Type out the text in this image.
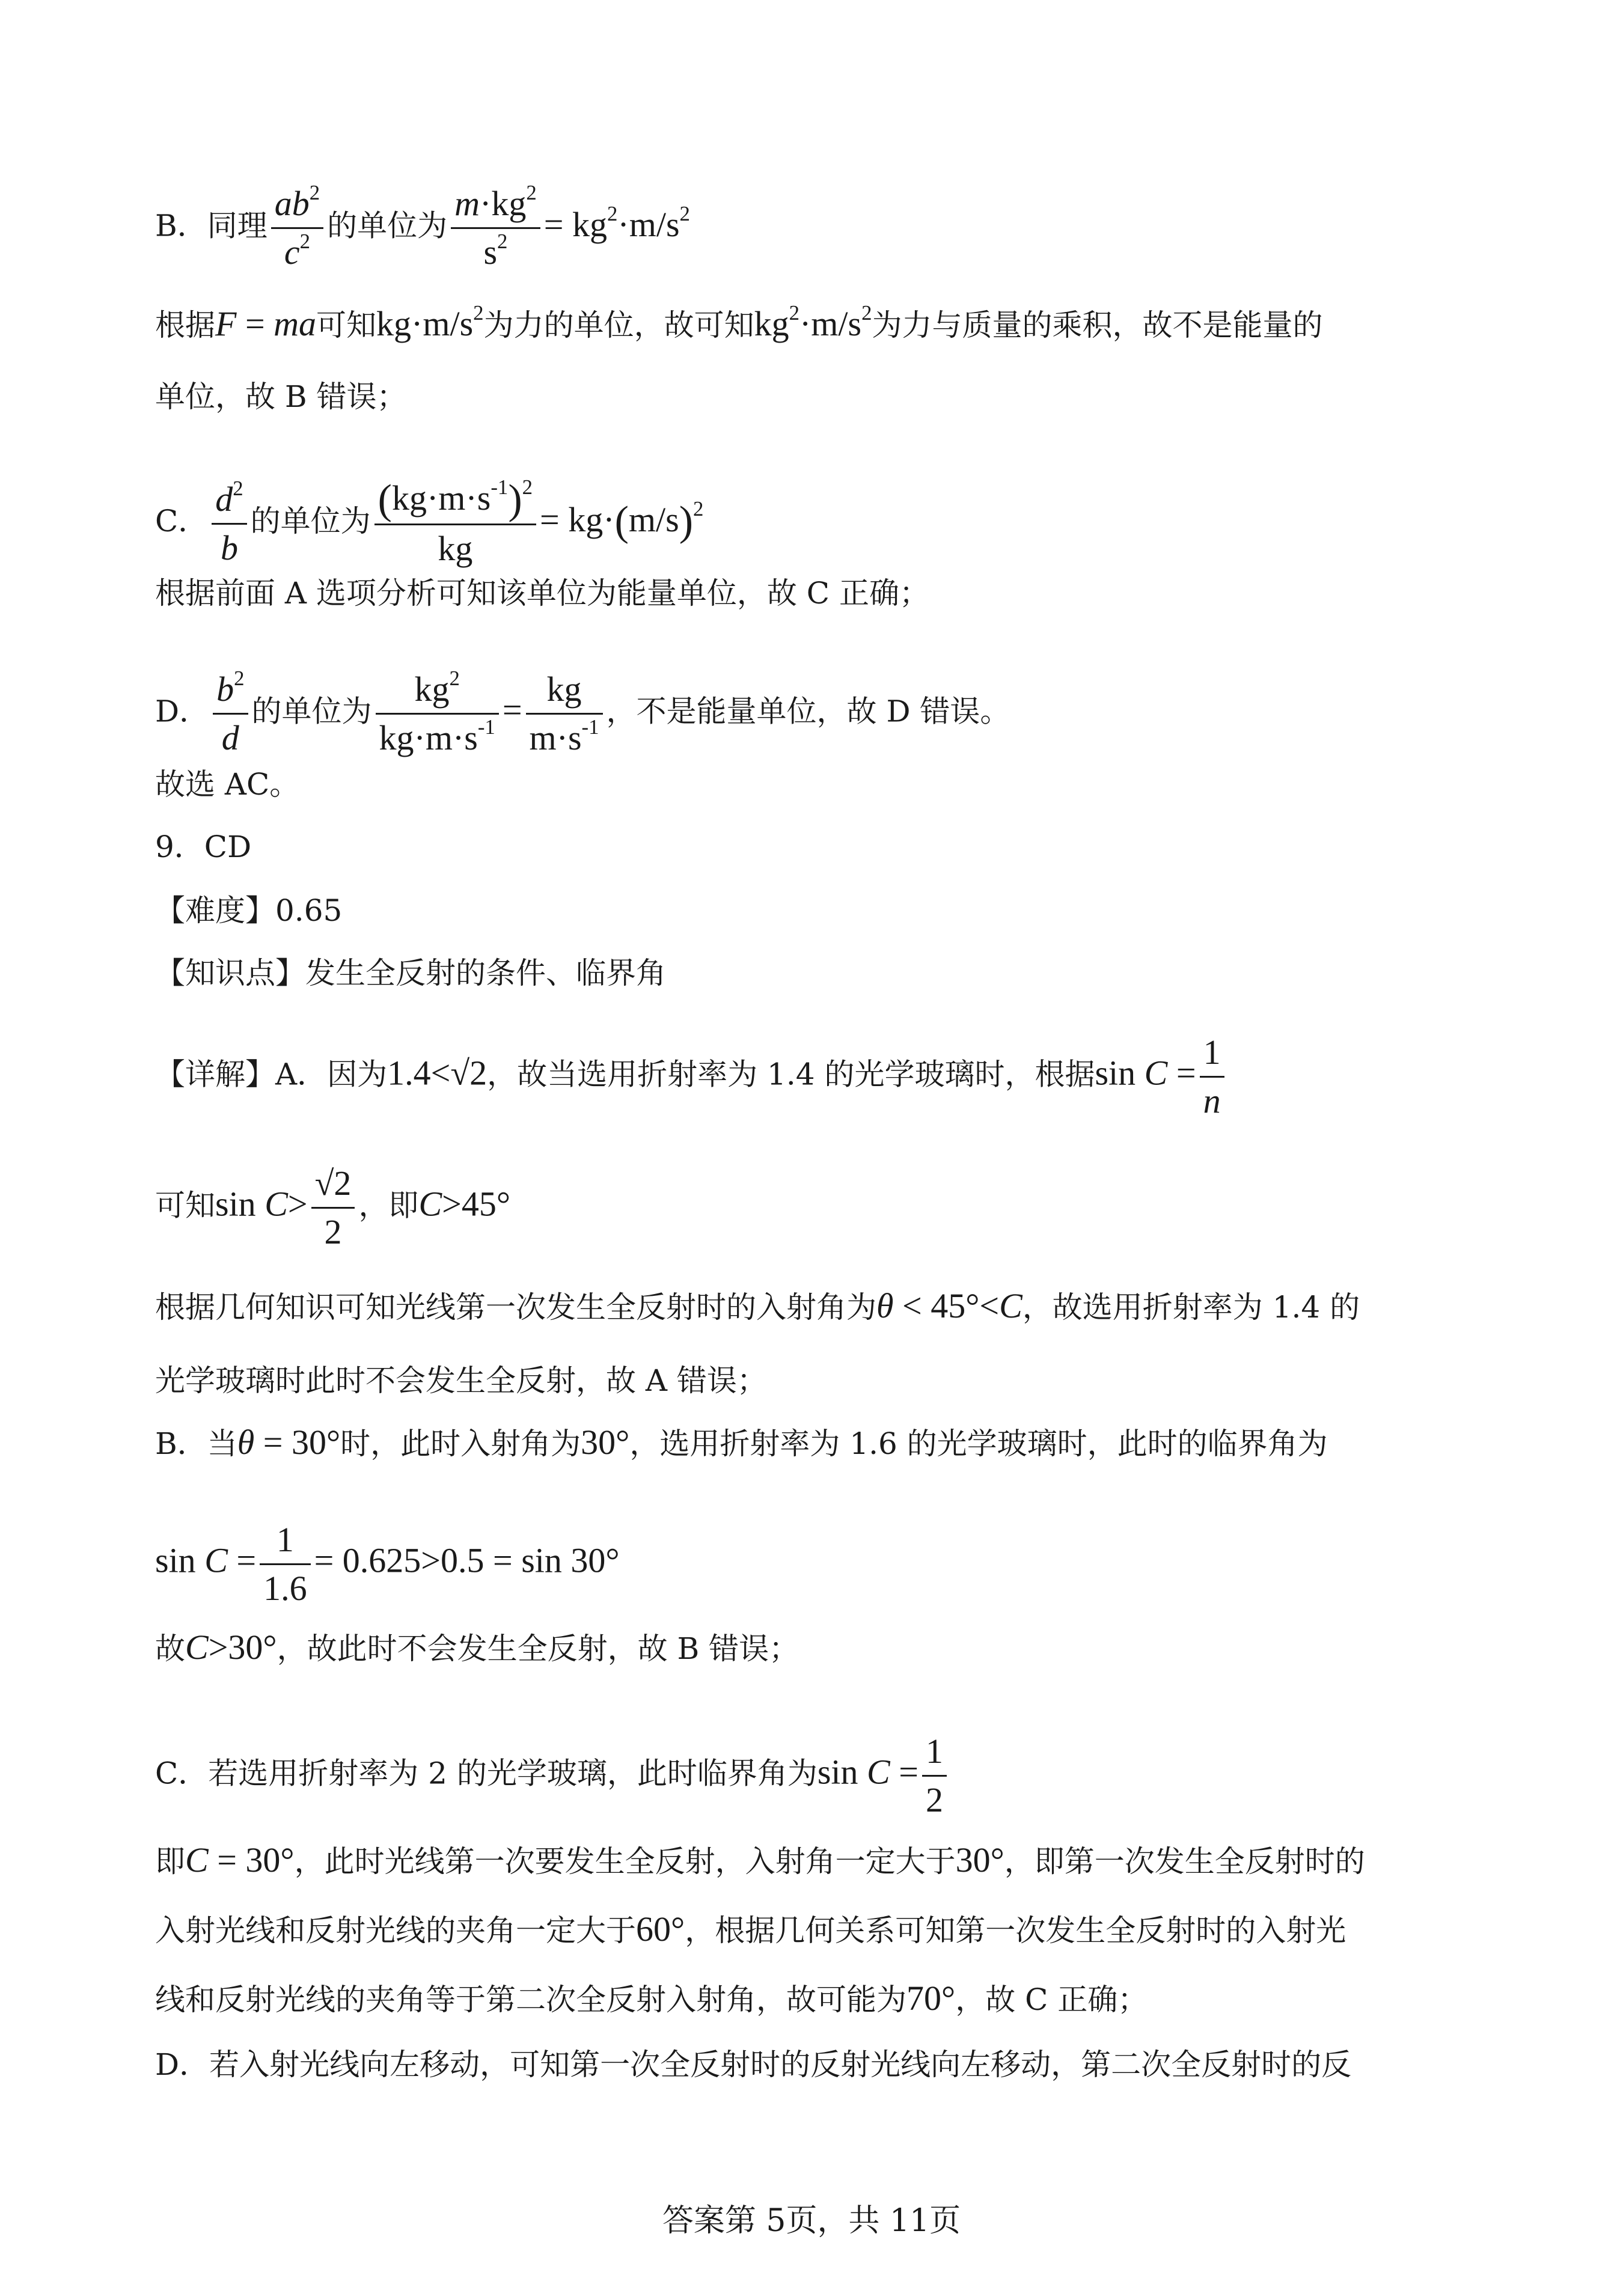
B．同理 $\frac{ab^2}{c^2}$ 的单位为 $\frac{m\cdot kg^2}{s^2} = kg^2\cdot m/s^2$
根据F = ma可知$kg\cdot m/s^2$为力的单位，故可知$kg^2\cdot m/s^2$为力与质量的乘积，故不是能量的
单位，故 B 错误；
C． $\frac{d^2}{b}$ 的单位为 $\frac{(kg\cdot m\cdot s^{-1})^2}{kg} = kg\cdot(m/s)^2$
根据前面 A 选项分析可知该单位为能量单位，故 C 正确；
D． $\frac{b^2}{d}$ 的单位为 $\frac{kg^2}{kg\cdot m\cdot s^{-1}} = \frac{kg}{m\cdot s^{-1}}$ ，不是能量单位，故 D 错误。
故选 AC。
9．CD
【难度】0.65
【知识点】发生全反射的条件、临界角
【详解】A．因为1.4<√2，故当选用折射率为 1.4 的光学玻璃时，根据$\sin C = \frac{1}{n}$
可知$\sin C> \frac{√2}{2}$ ，即C>45°
根据几何知识可知光线第一次发生全反射时的入射角为θ < 45°<C，故选用折射率为 1.4 的
光学玻璃时此时不会发生全反射，故 A 错误；
B．当θ = 30°时，此时入射角为30°，选用折射率为 1.6 的光学玻璃时，此时的临界角为
$\sin C = \frac{1}{1.6} = 0.625>0.5 = \sin 30^\circ$
故C>30°，故此时不会发生全反射，故 B 错误；
C．若选用折射率为 2 的光学玻璃，此时临界角为$\sin C = \frac{1}{2}$
即C = 30°，此时光线第一次要发生全反射，入射角一定大于30°，即第一次发生全反射时的
入射光线和反射光线的夹角一定大于60°，根据几何关系可知第一次发生全反射时的入射光
线和反射光线的夹角等于第二次全反射入射角，故可能为70°，故 C 正确；
D．若入射光线向左移动，可知第一次全反射时的反射光线向左移动，第二次全反射时的反
答案第 5页，共 11页
